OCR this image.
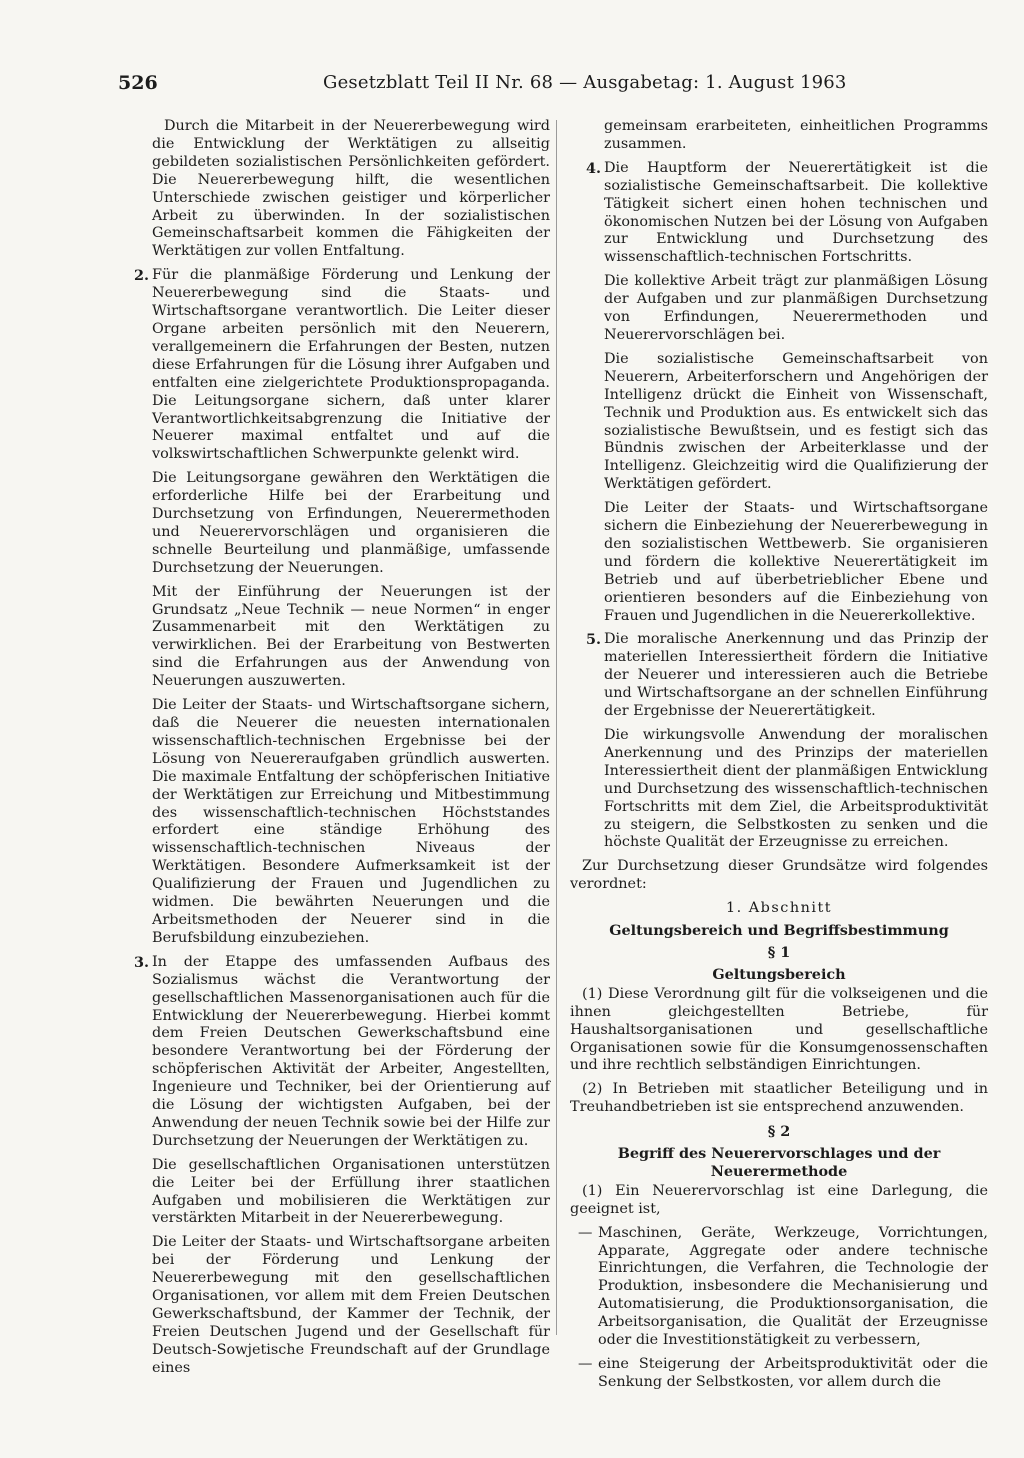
526	Gesetzblatt Teil II Nr. 68 — Ausgabetag: 1. August 1963

Durch die Mitarbeit in der Neuererbewegung wird die Entwicklung der Werktätigen zu allseitig gebildeten sozialistischen Persönlichkeiten gefördert. Die Neuererbewegung hilft, die wesentlichen Unterschiede zwischen geistiger und körperlicher Arbeit zu überwinden. In der sozialistischen Gemeinschaftsarbeit kommen die Fähigkeiten der Werktätigen zur vollen Entfaltung.

2. Für die planmäßige Förderung und Lenkung der Neuererbewegung sind die Staats- und Wirtschaftsorgane verantwortlich. Die Leiter dieser Organe arbeiten persönlich mit den Neuerern, verallgemeinern die Erfahrungen der Besten, nutzen diese Erfahrungen für die Lösung ihrer Aufgaben und entfalten eine zielgerichtete Produktionspropaganda. Die Leitungsorgane sichern, daß unter klarer Verantwortlichkeitsabgrenzung die Initiative der Neuerer maximal entfaltet und auf die volkswirtschaftlichen Schwerpunkte gelenkt wird.

Die Leitungsorgane gewähren den Werktätigen die erforderliche Hilfe bei der Erarbeitung und Durchsetzung von Erfindungen, Neuerermethoden und Neuerervorschlägen und organisieren die schnelle Beurteilung und planmäßige, umfassende Durchsetzung der Neuerungen.

Mit der Einführung der Neuerungen ist der Grundsatz „Neue Technik — neue Normen“ in enger Zusammenarbeit mit den Werktätigen zu verwirklichen. Bei der Erarbeitung von Bestwerten sind die Erfahrungen aus der Anwendung von Neuerungen auszuwerten.

Die Leiter der Staats- und Wirtschaftsorgane sichern, daß die Neuerer die neuesten internationalen wissenschaftlich-technischen Ergebnisse bei der Lösung von Neuereraufgaben gründlich auswerten. Die maximale Entfaltung der schöpferischen Initiative der Werktätigen zur Erreichung und Mitbestimmung des wissenschaftlich-technischen Höchststandes erfordert eine ständige Erhöhung des wissenschaftlich-technischen Niveaus der Werktätigen. Besondere Aufmerksamkeit ist der Qualifizierung der Frauen und Jugendlichen zu widmen. Die bewährten Neuerungen und die Arbeitsmethoden der Neuerer sind in die Berufsbildung einzubeziehen.

3. In der Etappe des umfassenden Aufbaus des Sozialismus wächst die Verantwortung der gesellschaftlichen Massenorganisationen auch für die Entwicklung der Neuererbewegung. Hierbei kommt dem Freien Deutschen Gewerkschaftsbund eine besondere Verantwortung bei der Förderung der schöpferischen Aktivität der Arbeiter, Angestellten, Ingenieure und Techniker, bei der Orientierung auf die Lösung der wichtigsten Aufgaben, bei der Anwendung der neuen Technik sowie bei der Hilfe zur Durchsetzung der Neuerungen der Werktätigen zu.

Die gesellschaftlichen Organisationen unterstützen die Leiter bei der Erfüllung ihrer staatlichen Aufgaben und mobilisieren die Werktätigen zur verstärkten Mitarbeit in der Neuererbewegung.

Die Leiter der Staats- und Wirtschaftsorgane arbeiten bei der Förderung und Lenkung der Neuererbewegung mit den gesellschaftlichen Organisationen, vor allem mit dem Freien Deutschen Gewerkschaftsbund, der Kammer der Technik, der Freien Deutschen Jugend und der Gesellschaft für Deutsch-Sowjetische Freundschaft auf der Grundlage eines

gemeinsam erarbeiteten, einheitlichen Programms zusammen.

4. Die Hauptform der Neuerertätigkeit ist die sozialistische Gemeinschaftsarbeit. Die kollektive Tätigkeit sichert einen hohen technischen und ökonomischen Nutzen bei der Lösung von Aufgaben zur Entwicklung und Durchsetzung des wissenschaftlich-technischen Fortschritts.

Die kollektive Arbeit trägt zur planmäßigen Lösung der Aufgaben und zur planmäßigen Durchsetzung von Erfindungen, Neuerermethoden und Neuerervorschlägen bei.

Die sozialistische Gemeinschaftsarbeit von Neuerern, Arbeiterforschern und Angehörigen der Intelligenz drückt die Einheit von Wissenschaft, Technik und Produktion aus. Es entwickelt sich das sozialistische Bewußtsein, und es festigt sich das Bündnis zwischen der Arbeiterklasse und der Intelligenz. Gleichzeitig wird die Qualifizierung der Werktätigen gefördert.

Die Leiter der Staats- und Wirtschaftsorgane sichern die Einbeziehung der Neuererbewegung in den sozialistischen Wettbewerb. Sie organisieren und fördern die kollektive Neuerertätigkeit im Betrieb und auf überbetrieblicher Ebene und orientieren besonders auf die Einbeziehung von Frauen und Jugendlichen in die Neuererkollektive.

5. Die moralische Anerkennung und das Prinzip der materiellen Interessiertheit fördern die Initiative der Neuerer und interessieren auch die Betriebe und Wirtschaftsorgane an der schnellen Einführung der Ergebnisse der Neuerertätigkeit.

Die wirkungsvolle Anwendung der moralischen Anerkennung und des Prinzips der materiellen Interessiertheit dient der planmäßigen Entwicklung und Durchsetzung des wissenschaftlich-technischen Fortschritts mit dem Ziel, die Arbeitsproduktivität zu steigern, die Selbstkosten zu senken und die höchste Qualität der Erzeugnisse zu erreichen.

Zur Durchsetzung dieser Grundsätze wird folgendes verordnet:

1. Abschnitt
Geltungsbereich und Begriffsbestimmung
§ 1
Geltungsbereich

(1) Diese Verordnung gilt für die volkseigenen und die ihnen gleichgestellten Betriebe, für Haushaltsorganisationen und gesellschaftliche Organisationen sowie für die Konsumgenossenschaften und ihre rechtlich selbständigen Einrichtungen.

(2) In Betrieben mit staatlicher Beteiligung und in Treuhandbetrieben ist sie entsprechend anzuwenden.

§ 2
Begriff des Neuerervorschlages und der Neuerermethode

(1) Ein Neuerervorschlag ist eine Darlegung, die geeignet ist,

— Maschinen, Geräte, Werkzeuge, Vorrichtungen, Apparate, Aggregate oder andere technische Einrichtungen, die Verfahren, die Technologie der Produktion, insbesondere die Mechanisierung und Automatisierung, die Produktionsorganisation, die Arbeitsorganisation, die Qualität der Erzeugnisse oder die Investitionstätigkeit zu verbessern,

— eine Steigerung der Arbeitsproduktivität oder die Senkung der Selbstkosten, vor allem durch die
